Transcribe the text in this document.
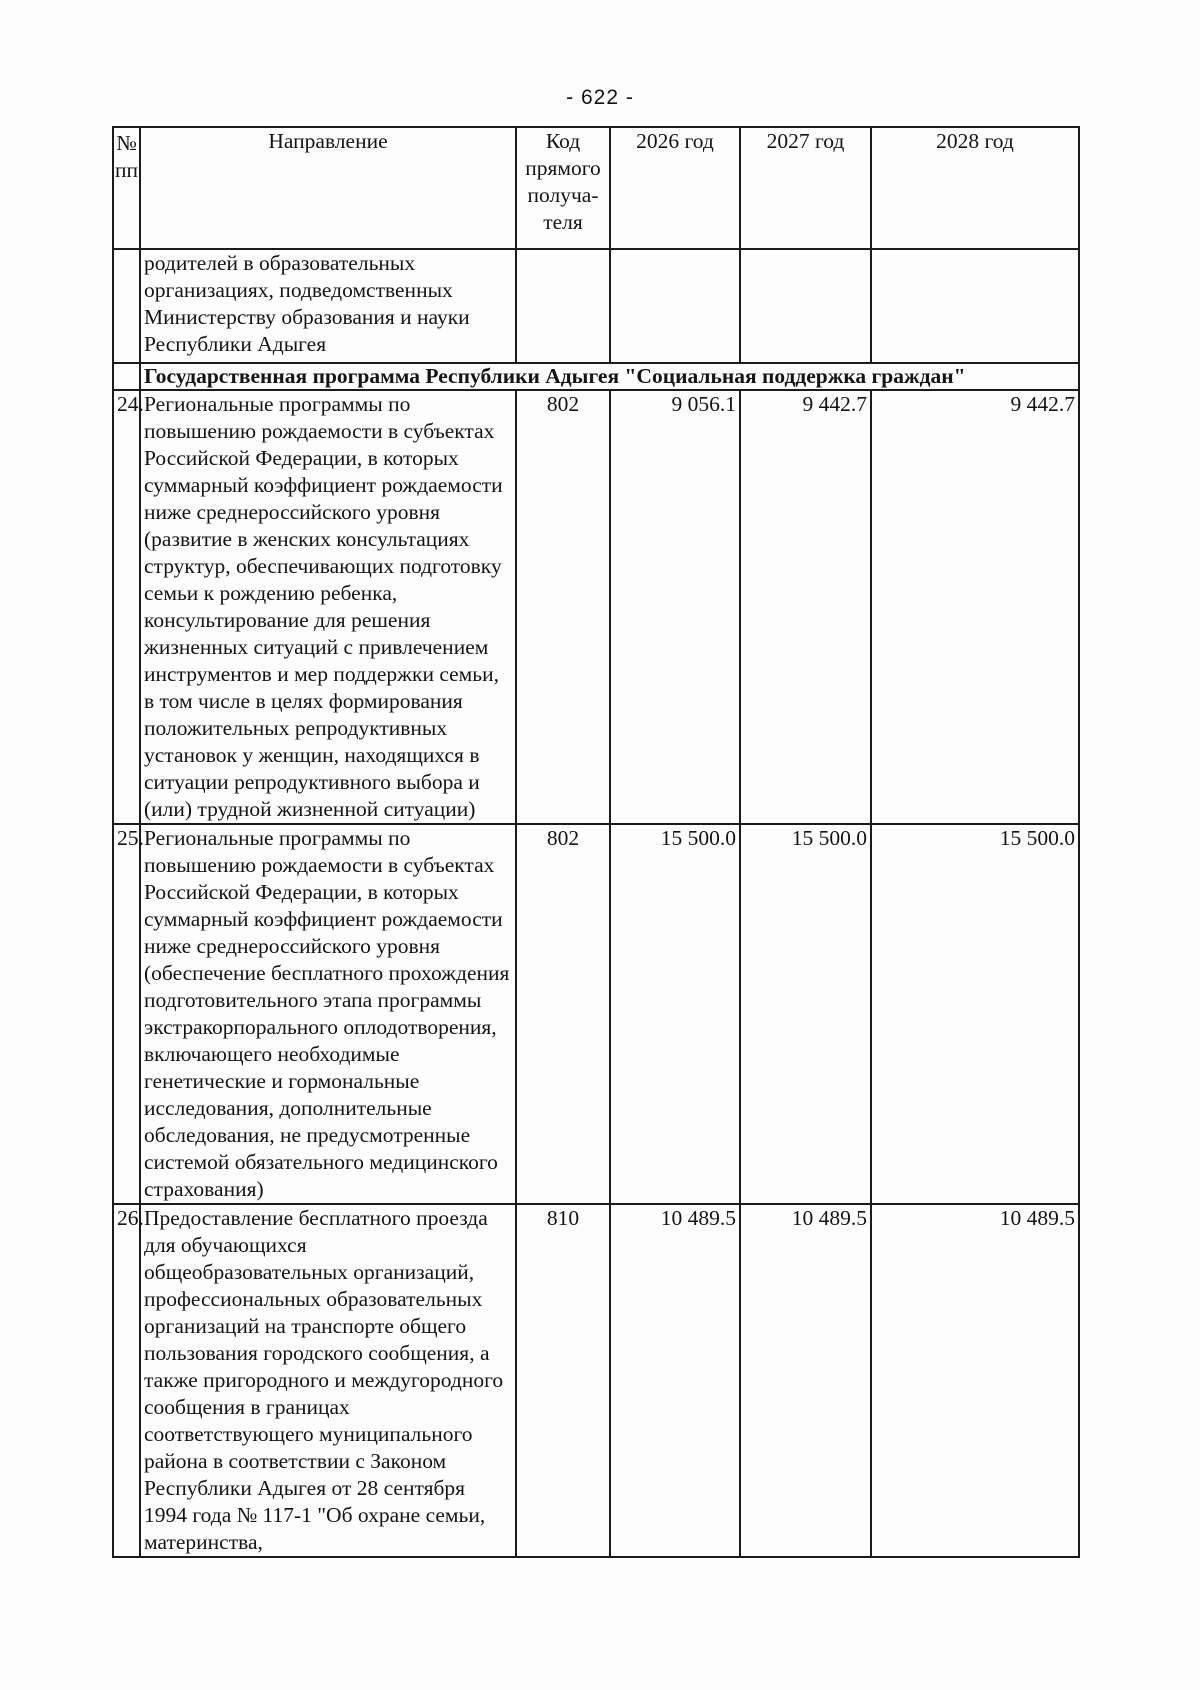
- 622 -
№ пп	Направление	Код прямого получа-теля	2026 год	2027 год	2028 год
	родителей в образовательных организациях, подведомственных Министерству образования и науки Республики Адыгея				
	Государственная программа Республики Адыгея "Социальная поддержка граждан"				
24.	Региональные программы по повышению рождаемости в субъектах Российской Федерации, в которых суммарный коэффициент рождаемости ниже среднероссийского уровня (развитие в женских консультациях структур, обеспечивающих подготовку семьи к рождению ребенка, консультирование для решения жизненных ситуаций с привлечением инструментов и мер поддержки семьи, в том числе в целях формирования положительных репродуктивных установок у женщин, находящихся в ситуации репродуктивного выбора и (или) трудной жизненной ситуации)	802	9 056.1	9 442.7	9 442.7
25.	Региональные программы по повышению рождаемости в субъектах Российской Федерации, в которых суммарный коэффициент рождаемости ниже среднероссийского уровня (обеспечение бесплатного прохождения подготовительного этапа программы экстракорпорального оплодотворения, включающего необходимые генетические и гормональные исследования, дополнительные обследования, не предусмотренные системой обязательного медицинского страхования)	802	15 500.0	15 500.0	15 500.0
26.	Предоставление бесплатного проезда для обучающихся общеобразовательных организаций, профессиональных образовательных организаций на транспорте общего пользования городского сообщения, а также пригородного и междугородного сообщения в границах соответствующего муниципального района в соответствии с Законом Республики Адыгея от 28 сентября 1994 года № 117-1 "Об охране семьи, материнства,	810	10 489.5	10 489.5	10 489.5
